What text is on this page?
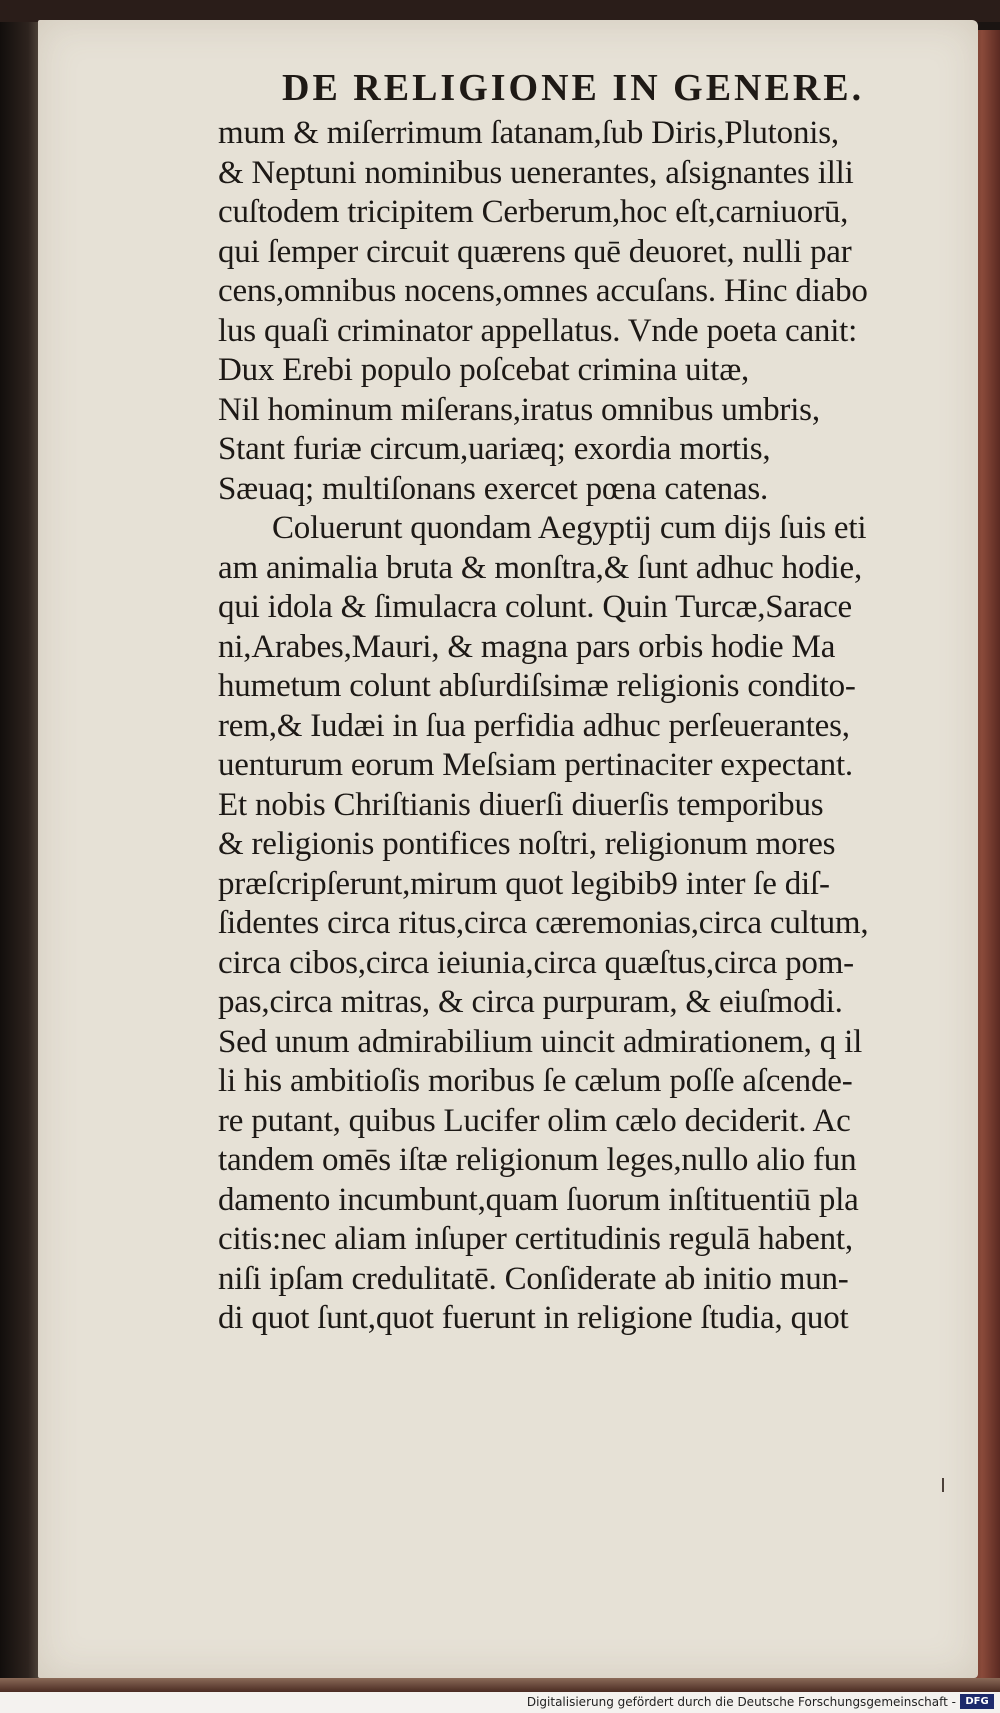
DE RELIGIONE IN GENERE.
mum & miſerrimum ſatanam,ſub Diris,Plutonis,
& Neptuni nominibus uenerantes, aſsignantes illi
cuſtodem tricipitem Cerberum,hoc eſt,carniuorū,
qui ſemper circuit quærens quē deuoret, nulli par
cens,omnibus nocens,omnes accuſans. Hinc diabo
lus quaſi criminator appellatus. Vnde poeta canit:
Dux Erebi populo poſcebat crimina uitæ,
Nil hominum miſerans,iratus omnibus umbris,
Stant furiæ circum,uariæq; exordia mortis,
Sæuaq; multiſonans exercet pœna catenas.
Coluerunt quondam Aegyptij cum dijs ſuis eti
am animalia bruta & monſtra,& ſunt adhuc hodie,
qui idola & ſimulacra colunt. Quin Turcæ,Sarace
ni,Arabes,Mauri, & magna pars orbis hodie Ma
humetum colunt abſurdiſsimæ religionis condito-
rem,& Iudæi in ſua perfidia adhuc perſeuerantes,
uenturum eorum Meſsiam pertinaciter expectant.
Et nobis Chriſtianis diuerſi diuerſis temporibus
& religionis pontifices noſtri, religionum mores
præſcripſerunt,mirum quot legibib9 inter ſe diſ-
ſidentes circa ritus,circa cæremonias,circa cultum,
circa cibos,circa ieiunia,circa quæſtus,circa pom-
pas,circa mitras, & circa purpuram, & eiuſmodi.
Sed unum admirabilium uincit admirationem, q il
li his ambitioſis moribus ſe cælum poſſe aſcende-
re putant, quibus Lucifer olim cælo deciderit. Ac
tandem omēs iſtæ religionum leges,nullo alio fun
damento incumbunt,quam ſuorum inſtituentiū pla
citis:nec aliam inſuper certitudinis regulā habent,
niſi ipſam credulitatē. Conſiderate ab initio mun-
di quot ſunt,quot fuerunt in religione ſtudia, quot
Digitalisierung gefördert durch die Deutsche Forschungsgemeinschaft - DFG
